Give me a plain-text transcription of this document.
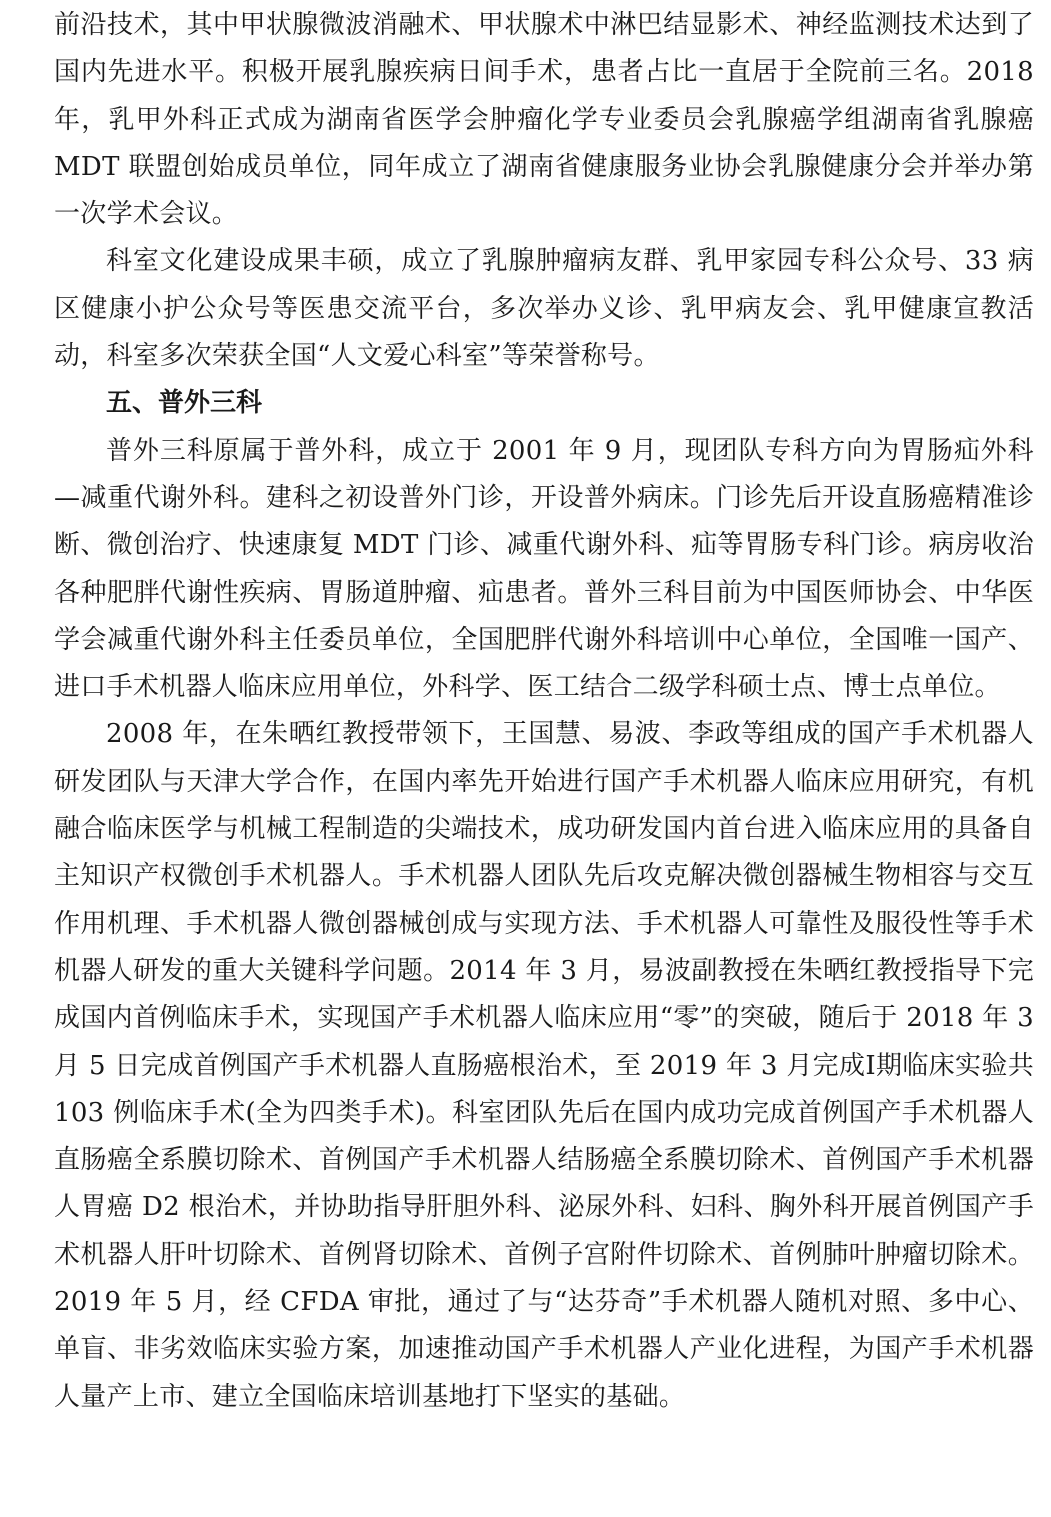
前沿技术，其中甲状腺微波消融术、甲状腺术中淋巴结显影术、神经监测技术达到了国内先进水平。积极开展乳腺疾病日间手术，患者占比一直居于全院前三名。2018 年，乳甲外科正式成为湖南省医学会肿瘤化学专业委员会乳腺癌学组湖南省乳腺癌 MDT 联盟创始成员单位，同年成立了湖南省健康服务业协会乳腺健康分会并举办第一次学术会议。

科室文化建设成果丰硕，成立了乳腺肿瘤病友群、乳甲家园专科公众号、33 病区健康小护公众号等医患交流平台，多次举办义诊、乳甲病友会、乳甲健康宣教活动，科室多次荣获全国“人文爱心科室”等荣誉称号。

五、普外三科

普外三科原属于普外科，成立于 2001 年 9 月，现团队专科方向为胃肠疝外科—减重代谢外科。建科之初设普外门诊，开设普外病床。门诊先后开设直肠癌精准诊断、微创治疗、快速康复 MDT 门诊、减重代谢外科、疝等胃肠专科门诊。病房收治各种肥胖代谢性疾病、胃肠道肿瘤、疝患者。普外三科目前为中国医师协会、中华医学会减重代谢外科主任委员单位，全国肥胖代谢外科培训中心单位，全国唯一国产、进口手术机器人临床应用单位，外科学、医工结合二级学科硕士点、博士点单位。

2008 年，在朱晒红教授带领下，王国慧、易波、李政等组成的国产手术机器人研发团队与天津大学合作，在国内率先开始进行国产手术机器人临床应用研究，有机融合临床医学与机械工程制造的尖端技术，成功研发国内首台进入临床应用的具备自主知识产权微创手术机器人。手术机器人团队先后攻克解决微创器械生物相容与交互作用机理、手术机器人微创器械创成与实现方法、手术机器人可靠性及服役性等手术机器人研发的重大关键科学问题。2014 年 3 月，易波副教授在朱晒红教授指导下完成国内首例临床手术，实现国产手术机器人临床应用“零”的突破，随后于 2018 年 3 月 5 日完成首例国产手术机器人直肠癌根治术，至 2019 年 3 月完成Ⅰ期临床实验共 103 例临床手术(全为四类手术)。科室团队先后在国内成功完成首例国产手术机器人直肠癌全系膜切除术、首例国产手术机器人结肠癌全系膜切除术、首例国产手术机器人胃癌 D2 根治术，并协助指导肝胆外科、泌尿外科、妇科、胸外科开展首例国产手术机器人肝叶切除术、首例肾切除术、首例子宫附件切除术、首例肺叶肿瘤切除术。2019 年 5 月，经 CFDA 审批，通过了与“达芬奇”手术机器人随机对照、多中心、单盲、非劣效临床实验方案，加速推动国产手术机器人产业化进程，为国产手术机器人量产上市、建立全国临床培训基地打下坚实的基础。
